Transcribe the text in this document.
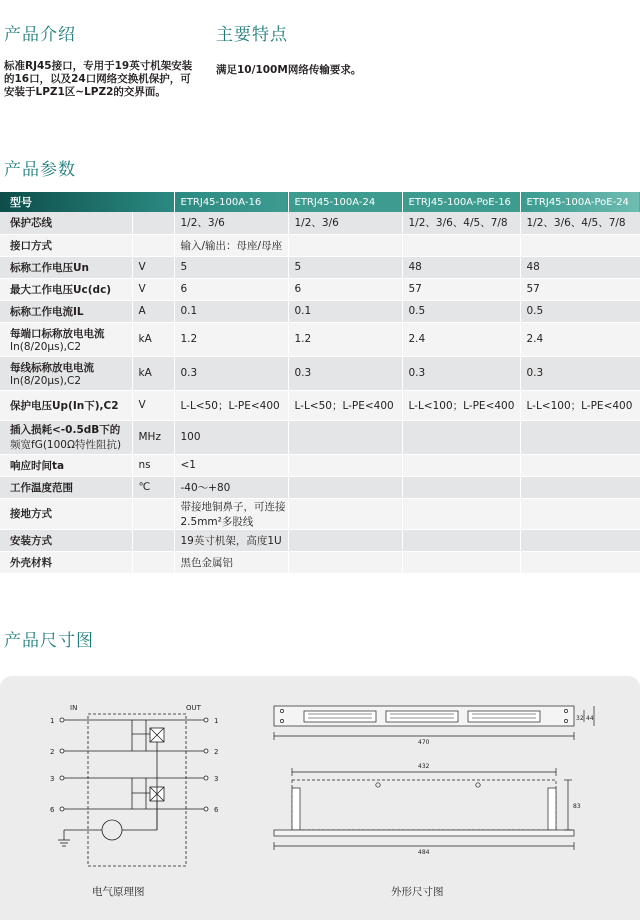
产品介绍
标准RJ45接口，专用于19英寸机架安装的16口，以及24口网络交换机保护，可安装于LPZ1区~LPZ2的交界面。
主要特点
满足10/100M网络传输要求。
产品参数
型号		ETRJ45-100A-16	ETRJ45-100A-24	ETRJ45-100A-PoE-16	ETRJ45-100A-PoE-24

保护芯线		1/2、3/6	1/2、3/6	1/2、3/6、4/5、7/8	1/2、3/6、4/5、7/8

接口方式		输入/输出：母座/母座			

标称工作电压Un	V	5	5	48	48

最大工作电压Uc(dc)	V	6	6	57	57

标称工作电流IL	A	0.1	0.1	0.5	0.5

每端口标称放电电流
In(8/20μs),C2	kA	1.2	1.2	2.4	2.4

每线标称放电电流
In(8/20μs),C2	kA	0.3	0.3	0.3	0.3

保护电压Up(In下),C2	V	L-L<50；L-PE<400	L-L<50；L-PE<400	L-L<100；L-PE<400	L-L<100；L-PE<400

插入损耗<-0.5dB下的
频宽fG(100Ω特性阻抗)	MHz	100			

响应时间ta	ns	<1			

工作温度范围	℃	-40～+80			

接地方式		带接地铜鼻子，可连接2.5mm²多股线			

安装方式		19英寸机架，高度1U			

外壳材料		黑色金属铝			
产品尺寸图
IN	OUT
1
2
3
6
1
2
3
6
470
32 44
432
83
484
电气原理图	外形尺寸图
